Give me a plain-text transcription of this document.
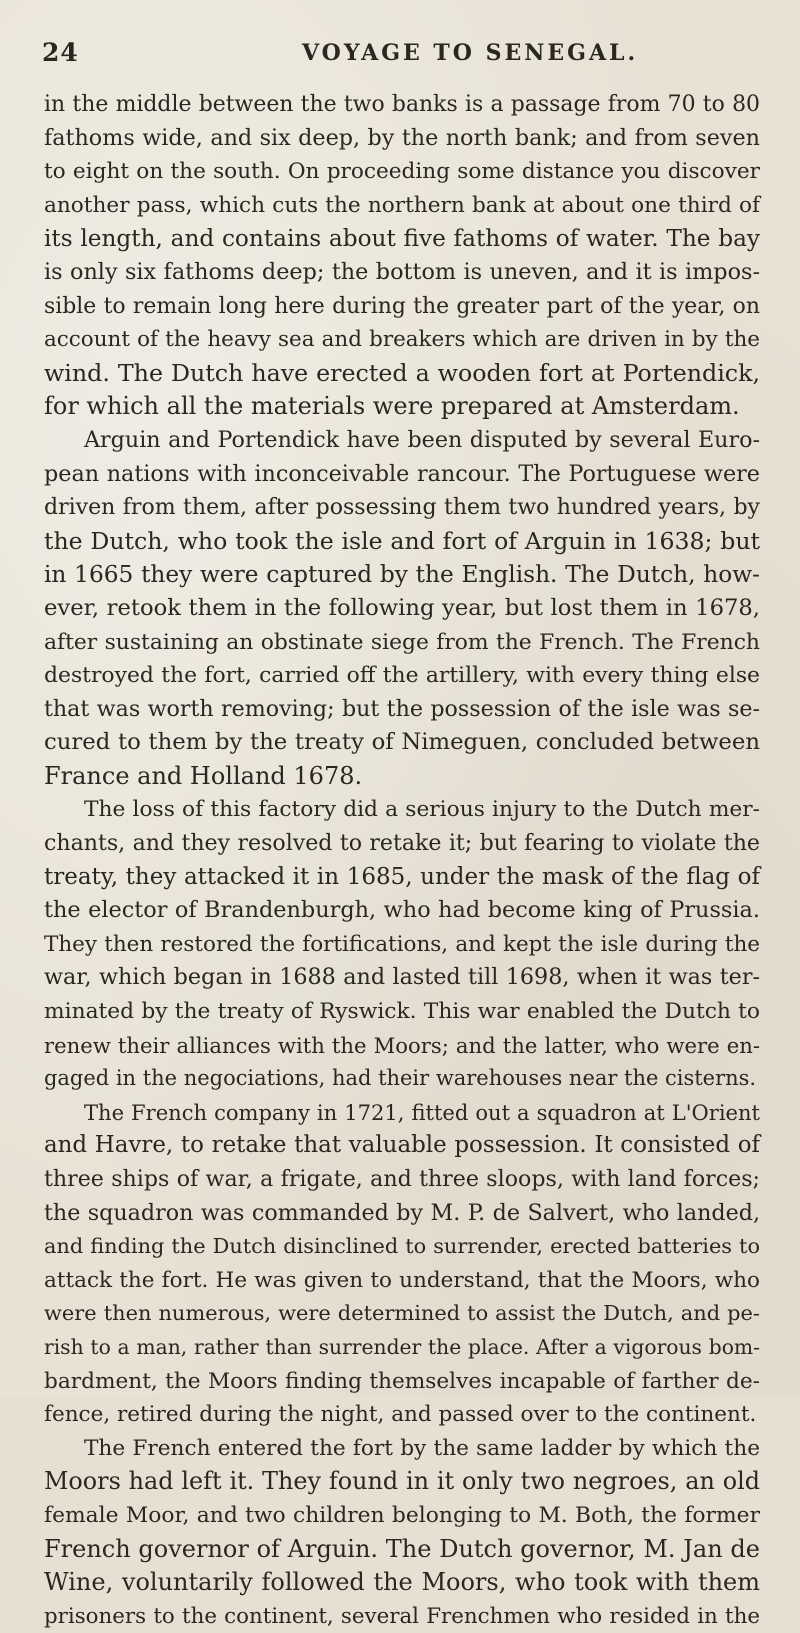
24	VOYAGE TO SENEGAL.
in the middle between the two banks is a passage from 70 to 80
fathoms wide, and six deep, by the north bank; and from seven
to eight on the south. On proceeding some distance you discover
another pass, which cuts the northern bank at about one third of
its length, and contains about five fathoms of water. The bay
is only six fathoms deep; the bottom is uneven, and it is impos-
sible to remain long here during the greater part of the year, on
account of the heavy sea and breakers which are driven in by the
wind. The Dutch have erected a wooden fort at Portendick,
for which all the materials were prepared at Amsterdam.
Arguin and Portendick have been disputed by several Euro-
pean nations with inconceivable rancour. The Portuguese were
driven from them, after possessing them two hundred years, by
the Dutch, who took the isle and fort of Arguin in 1638; but
in 1665 they were captured by the English. The Dutch, how-
ever, retook them in the following year, but lost them in 1678,
after sustaining an obstinate siege from the French. The French
destroyed the fort, carried off the artillery, with every thing else
that was worth removing; but the possession of the isle was se-
cured to them by the treaty of Nimeguen, concluded between
France and Holland 1678.
The loss of this factory did a serious injury to the Dutch mer-
chants, and they resolved to retake it; but fearing to violate the
treaty, they attacked it in 1685, under the mask of the flag of
the elector of Brandenburgh, who had become king of Prussia.
They then restored the fortifications, and kept the isle during the
war, which began in 1688 and lasted till 1698, when it was ter-
minated by the treaty of Ryswick. This war enabled the Dutch to
renew their alliances with the Moors; and the latter, who were en-
gaged in the negociations, had their warehouses near the cisterns.
The French company in 1721, fitted out a squadron at L'Orient
and Havre, to retake that valuable possession. It consisted of
three ships of war, a frigate, and three sloops, with land forces;
the squadron was commanded by M. P. de Salvert, who landed,
and finding the Dutch disinclined to surrender, erected batteries to
attack the fort. He was given to understand, that the Moors, who
were then numerous, were determined to assist the Dutch, and pe-
rish to a man, rather than surrender the place. After a vigorous bom-
bardment, the Moors finding themselves incapable of farther de-
fence, retired during the night, and passed over to the continent.
The French entered the fort by the same ladder by which the
Moors had left it. They found in it only two negroes, an old
female Moor, and two children belonging to M. Both, the former
French governor of Arguin. The Dutch governor, M. Jan de
Wine, voluntarily followed the Moors, who took with them
prisoners to the continent, several Frenchmen who resided in the
